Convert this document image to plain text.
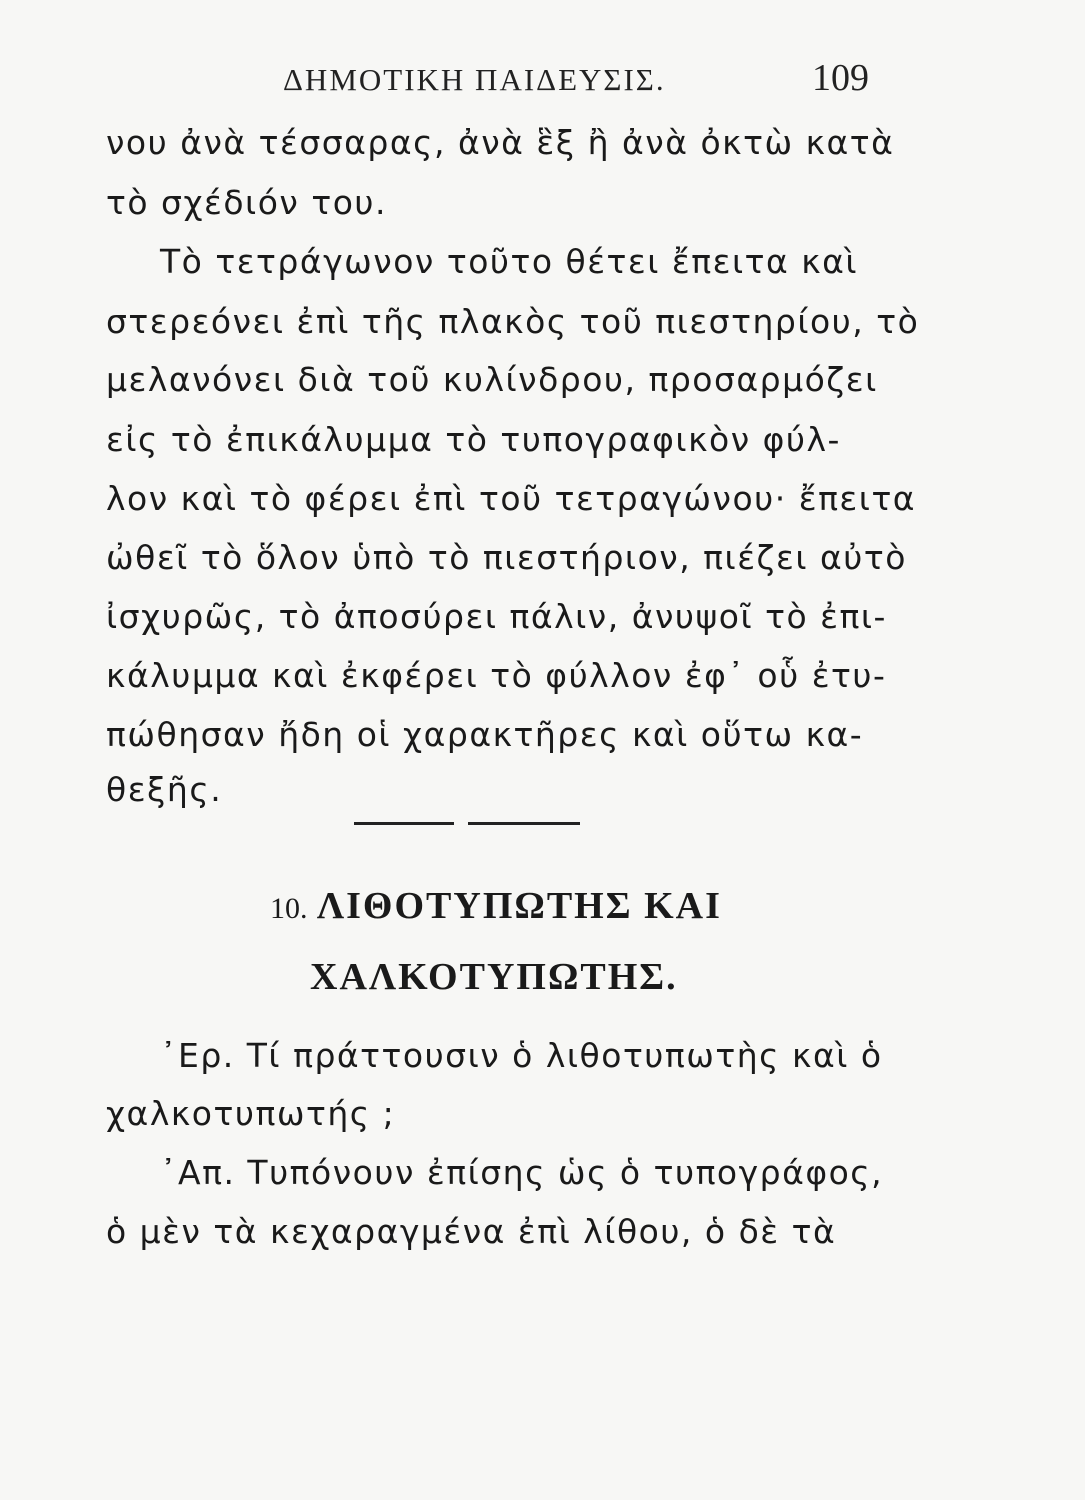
ΔΗΜΟΤΙΚΗ ΠΑΙΔΕΥΣΙΣ.	109
νου ἀνὰ τέσσαρας, ἀνὰ ἓξ ἢ ἀνὰ ὀκτὼ κατὰ
τὸ σχέδιόν του.
Τὸ τετράγωνον τοῦτο θέτει ἔπειτα καὶ
στερεόνει ἐπὶ τῆς πλακὸς τοῦ πιεστηρίου, τὸ
μελανόνει διὰ τοῦ κυλίνδρου, προσαρμόζει
εἰς τὸ ἐπικάλυμμα τὸ τυπογραφικὸν φύλ-
λον καὶ τὸ φέρει ἐπὶ τοῦ τετραγώνου· ἔπειτα
ὠθεῖ τὸ ὅλον ὑπὸ τὸ πιεστήριον, πιέζει αὐτὸ
ἰσχυρῶς, τὸ ἀποσύρει πάλιν, ἀνυψοῖ τὸ ἐπι-
κάλυμμα καὶ ἐκφέρει τὸ φύλλον ἐφ᾽ οὗ ἐτυ-
πώθησαν ἤδη οἱ χαρακτῆρες καὶ οὕτω κα-
θεξῆς.
10. ΛΙΘΟΤΥΠΩΤΗΣ ΚΑΙ
ΧΑΛΚΟΤΥΠΩΤΗΣ.
᾽Ερ. Τί πράττουσιν ὁ λιθοτυπωτὴς καὶ ὁ
χαλκοτυπωτής ;
᾽Απ. Τυπόνουν ἐπίσης ὡς ὁ τυπογράφος,
ὁ μὲν τὰ κεχαραγμένα ἐπὶ λίθου, ὁ δὲ τὰ
